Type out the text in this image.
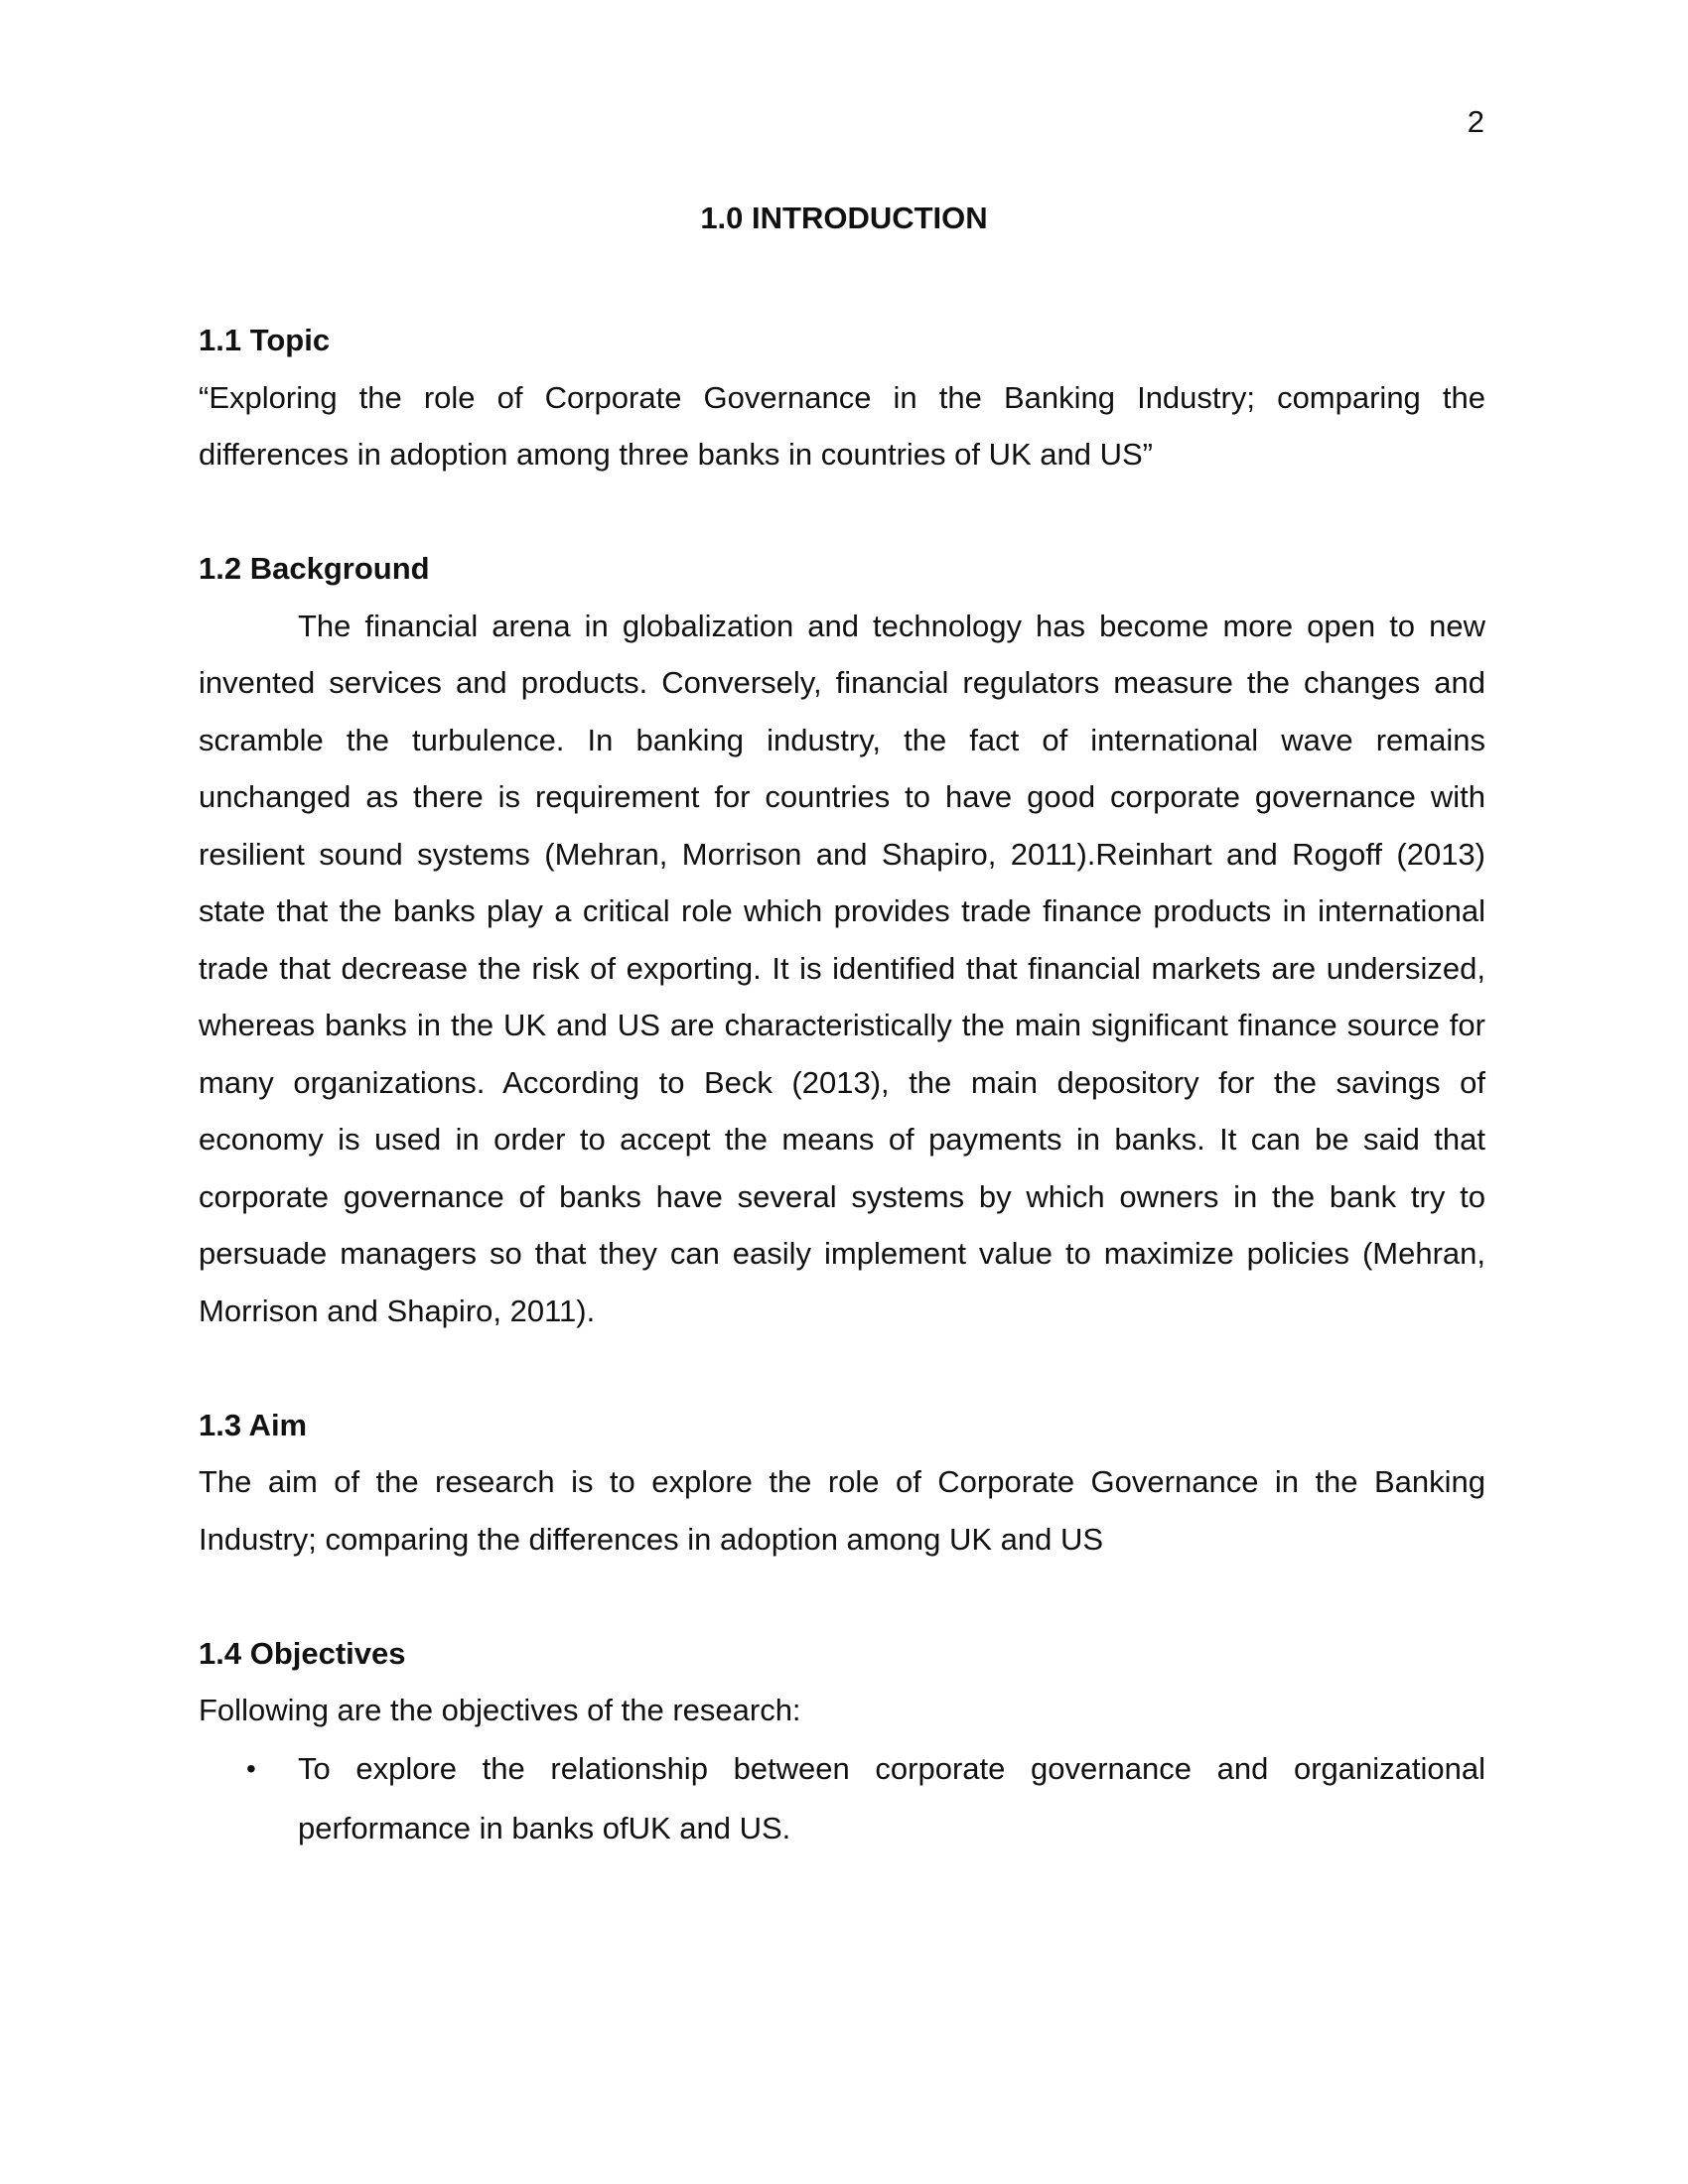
2
1.0 INTRODUCTION

1.1 Topic

“Exploring the role of Corporate Governance in the Banking Industry; comparing the differences in adoption among three banks in countries of UK and US”

1.2 Background

The financial arena in globalization and technology has become more open to new invented services and products. Conversely, financial regulators measure the changes and scramble the turbulence. In banking industry, the fact of international wave remains unchanged as there is requirement for countries to have good corporate governance with resilient sound systems (Mehran, Morrison and Shapiro, 2011).Reinhart and Rogoff (2013) state that the banks play a critical role which provides trade finance products in international trade that decrease the risk of exporting. It is identified that financial markets are undersized, whereas banks in the UK and US are characteristically the main significant finance source for many organizations. According to Beck (2013), the main depository for the savings of economy is used in order to accept the means of payments in banks. It can be said that corporate governance of banks have several systems by which owners in the bank try to persuade managers so that they can easily implement value to maximize policies (Mehran, Morrison and Shapiro, 2011).

1.3 Aim

The aim of the research is to explore the role of Corporate Governance in the Banking Industry; comparing the differences in adoption among UK and US

1.4 Objectives

Following are the objectives of the research:

• To explore the relationship between corporate governance and organizational performance in banks ofUK and US.
